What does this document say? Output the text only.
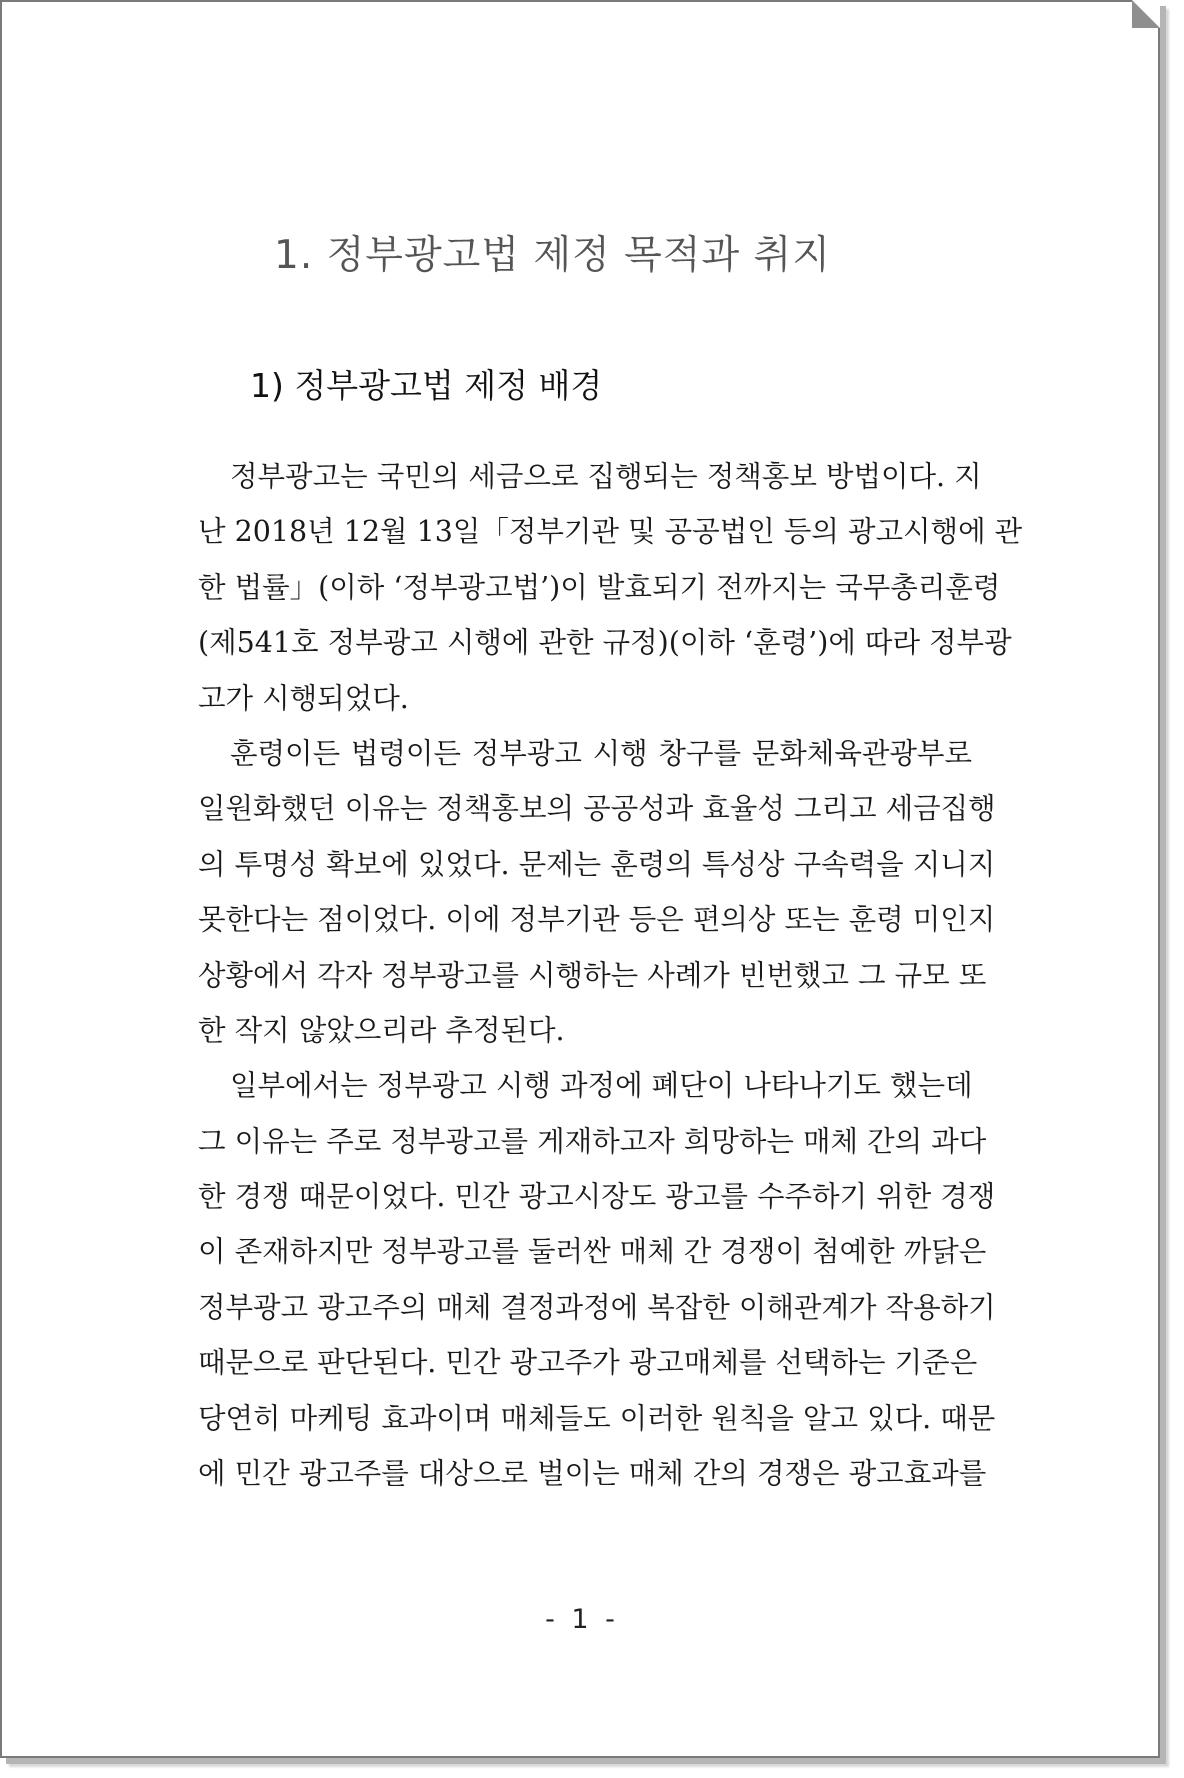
1. 정부광고법 제정 목적과 취지
1) 정부광고법 제정 배경
정부광고는 국민의 세금으로 집행되는 정책홍보 방법이다. 지
난 2018년 12월 13일「정부기관 및 공공법인 등의 광고시행에 관
한 법률」(이하 ‘정부광고법’)이 발효되기 전까지는 국무총리훈령
(제541호 정부광고 시행에 관한 규정)(이하 ‘훈령’)에 따라 정부광
고가 시행되었다.
훈령이든 법령이든 정부광고 시행 창구를 문화체육관광부로
일원화했던 이유는 정책홍보의 공공성과 효율성 그리고 세금집행
의 투명성 확보에 있었다. 문제는 훈령의 특성상 구속력을 지니지
못한다는 점이었다. 이에 정부기관 등은 편의상 또는 훈령 미인지
상황에서 각자 정부광고를 시행하는 사례가 빈번했고 그 규모 또
한 작지 않았으리라 추정된다.
일부에서는 정부광고 시행 과정에 폐단이 나타나기도 했는데
그 이유는 주로 정부광고를 게재하고자 희망하는 매체 간의 과다
한 경쟁 때문이었다. 민간 광고시장도 광고를 수주하기 위한 경쟁
이 존재하지만 정부광고를 둘러싼 매체 간 경쟁이 첨예한 까닭은
정부광고 광고주의 매체 결정과정에 복잡한 이해관계가 작용하기
때문으로 판단된다. 민간 광고주가 광고매체를 선택하는 기준은
당연히 마케팅 효과이며 매체들도 이러한 원칙을 알고 있다. 때문
에 민간 광고주를 대상으로 벌이는 매체 간의 경쟁은 광고효과를
- 1 -
